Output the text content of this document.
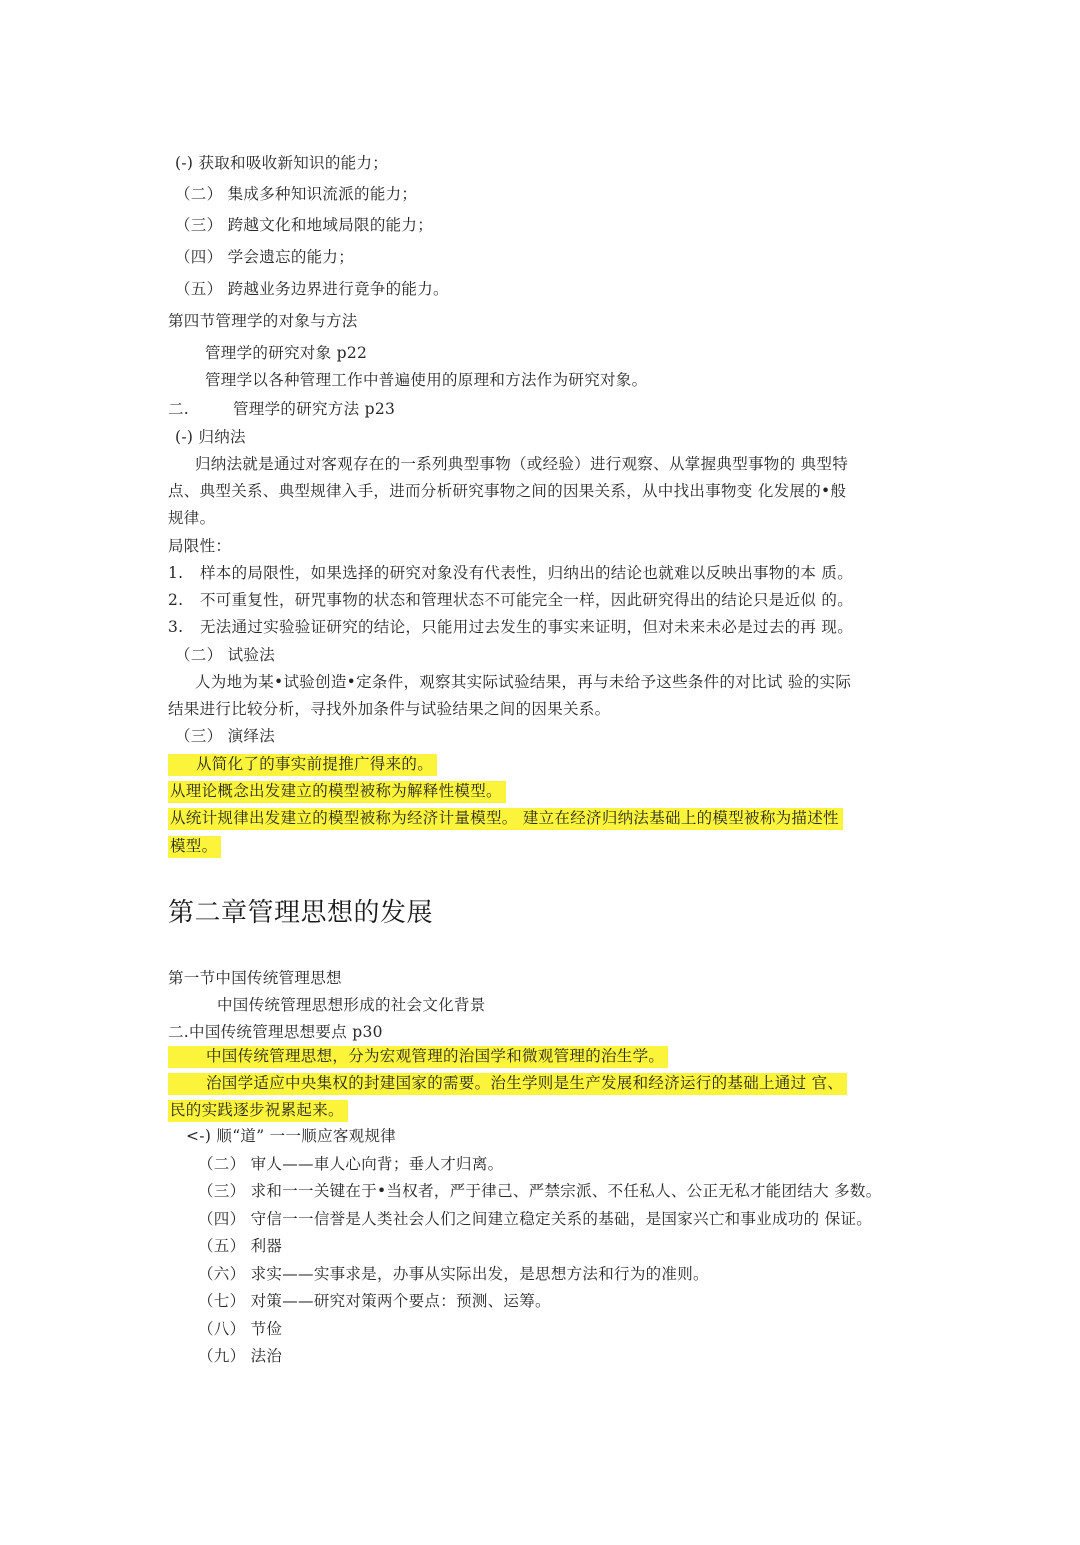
(-) 获取和吸收新知识的能力；
（二） 集成多种知识流派的能力；
（三） 跨越文化和地域局限的能力；
（四） 学会遗忘的能力；
（五） 跨越业务边界进行竟争的能力。
第四节管理学的对象与方法
管理学的研究对象 p22
管理学以各种管理工作中普遍使用的原理和方法作为研究对象。
二.	管理学的研究方法 p23
(-) 归纳法
归纳法就是通过对客观存在的一系列典型事物（或经验）进行观察、从掌握典型事物的 典型特
点、典型关系、典型规律入手，进而分析研究事物之间的因果关系，从中找出事物变 化发展的•般
规律。
局限性：
1. 样本的局限性，如果选择的研究对象没有代表性，归纳出的结论也就难以反映出事物的本 质。
2. 不可重复性，研咒事物的状态和管理状态不可能完全一样，因此研究得出的结论只是近似 的。
3. 无法通过实验验证研究的结论，只能用过去发生的事实来证明，但对未来未必是过去的再 现。
（二） 试验法
人为地为某•试验创造•定条件，观察其实际试验结果，再与未给予这些条件的对比试 验的实际
结果进行比较分析，寻找外加条件与试验结果之间的因果关系。
（三） 演绎法
从简化了的事实前提推广得来的。
从理论概念出发建立的模型被称为解释性模型。
从统计规律出发建立的模型被称为经济计量模型。 建立在经济归纳法基础上的模型被称为描述性
模型。
第二章管理思想的发展
第一节中国传统管理思想
中国传统管理思想形成的社会文化背景
二.中国传统管理思想要点 p30
中国传统管理思想，分为宏观管理的治国学和微观管理的治生学。
治国学适应中央集权的封建国家的需要。治生学则是生产发展和经济运行的基础上通过 官、
民的实践逐步祝累起来。
<-) 顺“道” 一一顺应客观规律
（二） 审人——車人心向背；垂人才归离。
（三） 求和一一关键在于•当权者，严于律己、严禁宗派、不任私人、公正无私才能团结大 多数。
（四） 守信一一信誉是人类社会人们之间建立稳定关系的基础，是国家兴亡和事业成功的 保证。
（五） 利器
（六） 求实——实事求是，办事从实际出发，是思想方法和行为的准则。
（七） 对策——研究对策两个要点：预测、运筹。
（八） 节俭
（九） 法治
